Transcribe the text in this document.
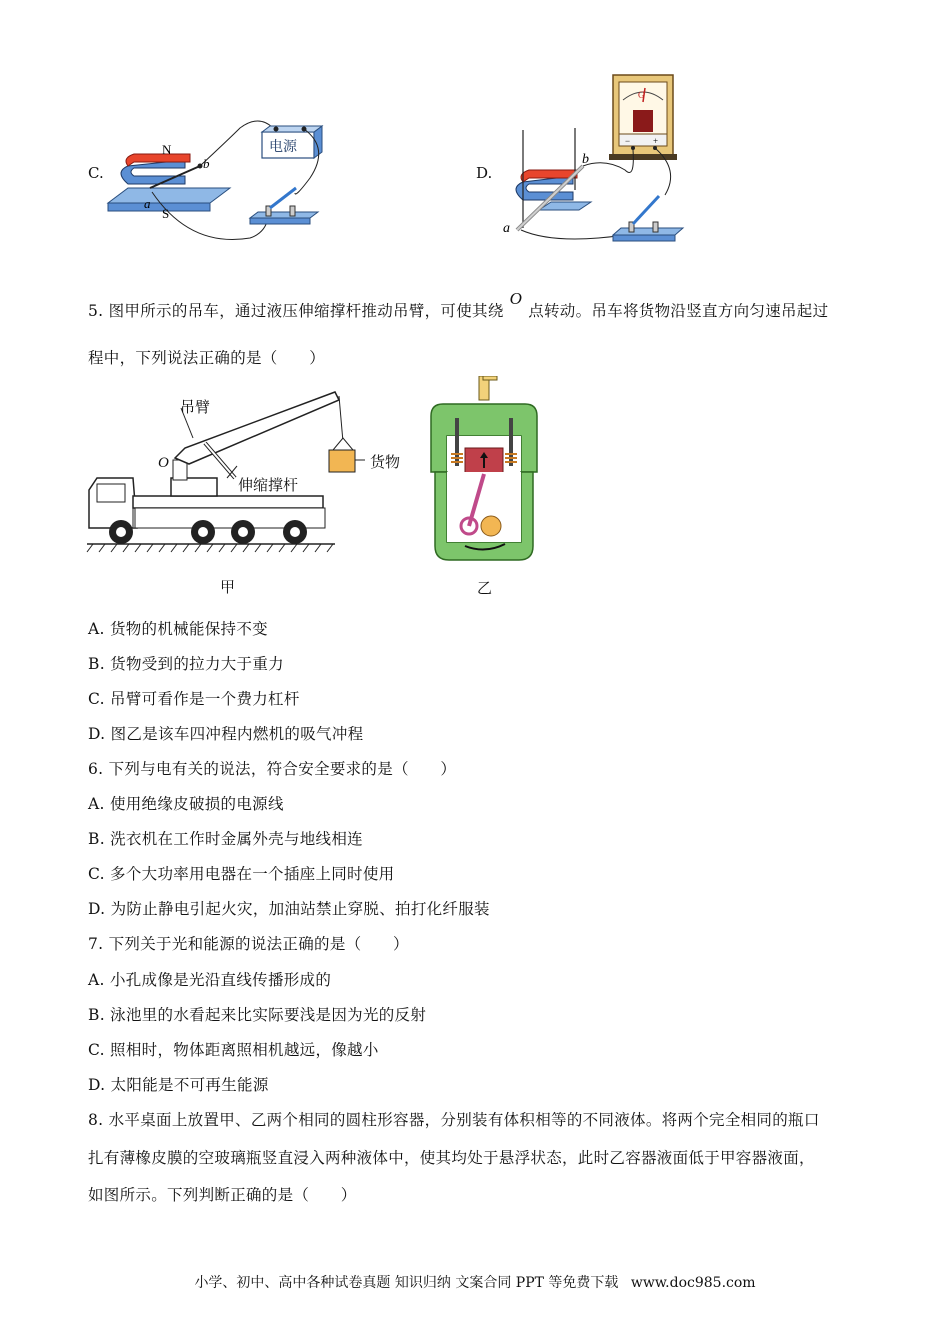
C.
N
S
a
b
电源
D.
G
−	+
b
a
5. 图甲所示的吊车，通过液压伸缩撑杆推动吊臂，可使其绕O点转动。吊车将货物沿竖直方向匀速吊起过
程中，下列说法正确的是（　　）
吊臂
O	货物
伸缩撑杆
甲	乙
A. 货物的机械能保持不变
B. 货物受到的拉力大于重力
C. 吊臂可看作是一个费力杠杆
D. 图乙是该车四冲程内燃机的吸气冲程
6. 下列与电有关的说法，符合安全要求的是（　　）
A. 使用绝缘皮破损的电源线
B. 洗衣机在工作时金属外壳与地线相连
C. 多个大功率用电器在一个插座上同时使用
D. 为防止静电引起火灾，加油站禁止穿脱、拍打化纤服装
7. 下列关于光和能源的说法正确的是（　　）
A. 小孔成像是光沿直线传播形成的
B. 泳池里的水看起来比实际要浅是因为光的反射
C. 照相时，物体距离照相机越远，像越小
D. 太阳能是不可再生能源
8. 水平桌面上放置甲、乙两个相同的圆柱形容器，分别装有体积相等的不同液体。将两个完全相同的瓶口
扎有薄橡皮膜的空玻璃瓶竖直浸入两种液体中，使其均处于悬浮状态，此时乙容器液面低于甲容器液面，
如图所示。下列判断正确的是（　　）
小学、初中、高中各种试卷真题 知识归纳 文案合同 PPT 等免费下载 www.doc985.com
